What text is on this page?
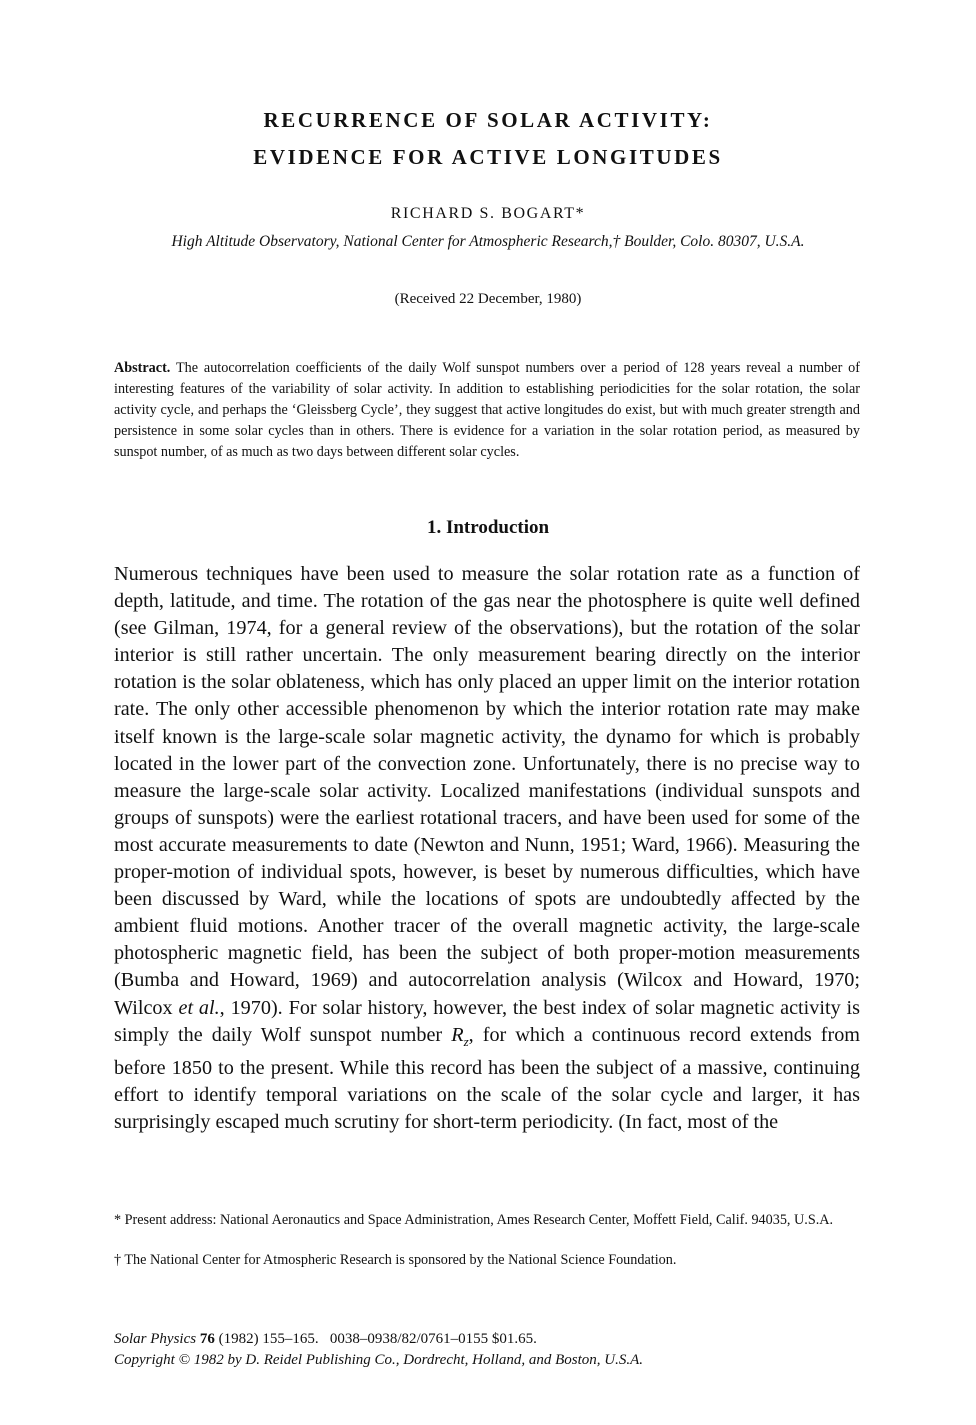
RECURRENCE OF SOLAR ACTIVITY:
EVIDENCE FOR ACTIVE LONGITUDES
RICHARD S. BOGART*
High Altitude Observatory, National Center for Atmospheric Research,† Boulder, Colo. 80307, U.S.A.
(Received 22 December, 1980)
Abstract. The autocorrelation coefficients of the daily Wolf sunspot numbers over a period of 128 years reveal a number of interesting features of the variability of solar activity. In addition to establishing periodicities for the solar rotation, the solar activity cycle, and perhaps the ‘Gleissberg Cycle’, they suggest that active longitudes do exist, but with much greater strength and persistence in some solar cycles than in others. There is evidence for a variation in the solar rotation period, as measured by sunspot number, of as much as two days between different solar cycles.
1. Introduction

Numerous techniques have been used to measure the solar rotation rate as a function of depth, latitude, and time. The rotation of the gas near the photosphere is quite well defined (see Gilman, 1974, for a general review of the observations), but the rotation of the solar interior is still rather uncertain. The only measurement bearing directly on the interior rotation is the solar oblateness, which has only placed an upper limit on the interior rotation rate. The only other accessible phenomenon by which the interior rotation rate may make itself known is the large-scale solar magnetic activity, the dynamo for which is probably located in the lower part of the convection zone. Unfortunately, there is no precise way to measure the large-scale solar activity. Localized manifestations (individual sunspots and groups of sunspots) were the earliest rotational tracers, and have been used for some of the most accurate measurements to date (Newton and Nunn, 1951; Ward, 1966). Measuring the proper-motion of individual spots, however, is beset by numerous difficulties, which have been discussed by Ward, while the locations of spots are undoubtedly affected by the ambient fluid motions. Another tracer of the overall magnetic activity, the large-scale photospheric magnetic field, has been the subject of both proper-motion measurements (Bumba and Howard, 1969) and autocorrelation analysis (Wilcox and Howard, 1970; Wilcox et al., 1970). For solar history, however, the best index of solar magnetic activity is simply the daily Wolf sunspot number $R_z$, for which a continuous record extends from before 1850 to the present. While this record has been the subject of a massive, continuing effort to identify temporal variations on the scale of the solar cycle and larger, it has surprisingly escaped much scrutiny for short-term periodicity. (In fact, most of the

* Present address: National Aeronautics and Space Administration, Ames Research Center, Moffett Field, Calif. 94035, U.S.A.
† The National Center for Atmospheric Research is sponsored by the National Science Foundation.
Solar Physics 76 (1982) 155–165. 0038–0938/82/0761–0155 $01.65.
Copyright © 1982 by D. Reidel Publishing Co., Dordrecht, Holland, and Boston, U.S.A.
